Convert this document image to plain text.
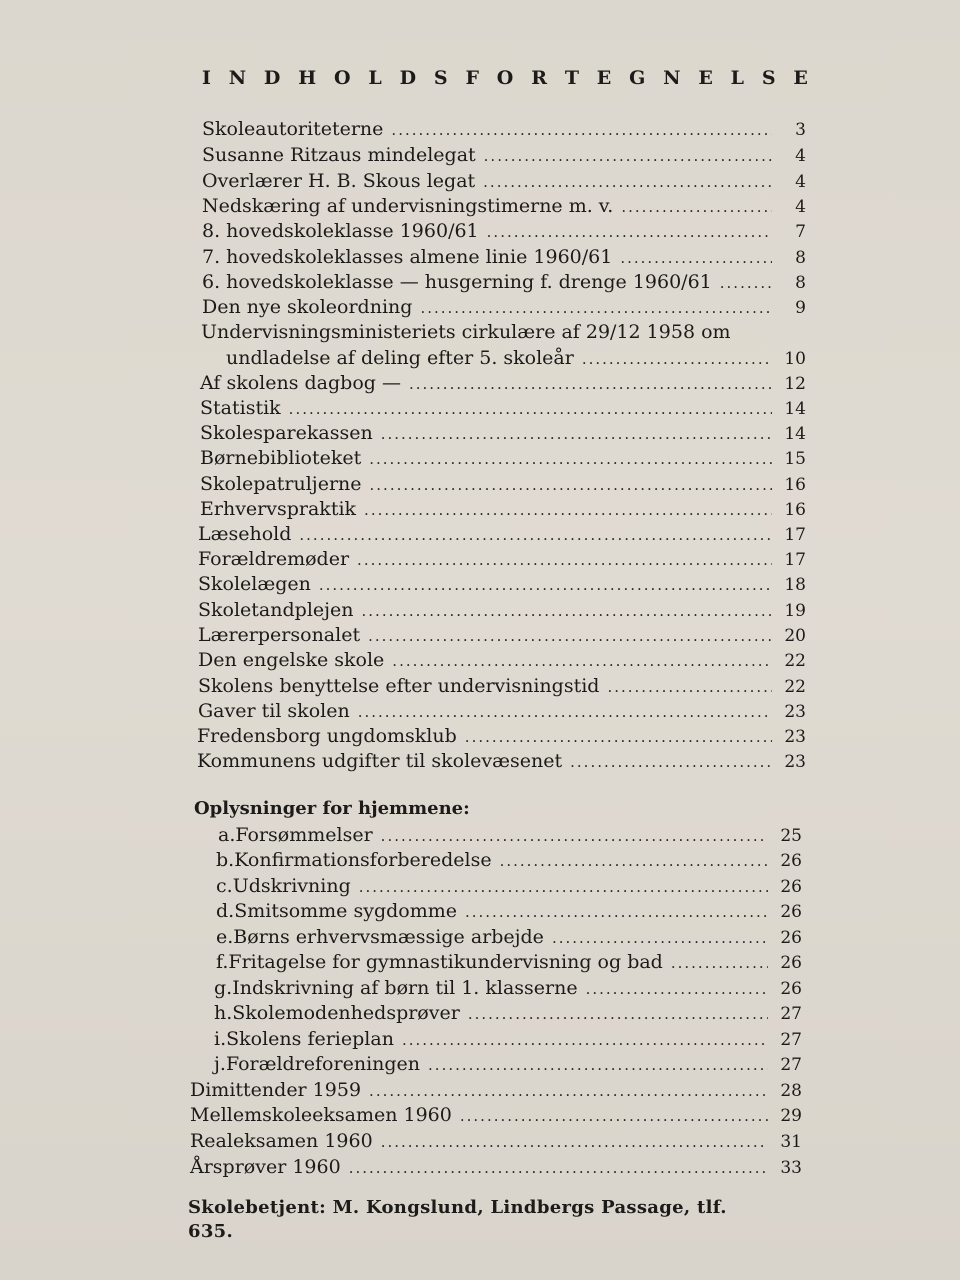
I N D H O L D S F O R T E G N E L S E
Skoleautoriteterne .....	3
Susanne Ritzaus mindelegat .....	4
Overlærer H. B. Skous legat .....	4
Nedskæring af undervisningstimerne m. v. .....	4
8. hovedskoleklasse 1960/61 .....	7
7. hovedskoleklasses almene linie 1960/61 .....	8
6. hovedskoleklasse — husgerning f. drenge 1960/61 .....	8
Den nye skoleordning .....	9
Undervisningsministeriets cirkulære af 29/12 1958 om
undladelse af deling efter 5. skoleår .....	10
Af skolens dagbog — .....	12
Statistik .....	14
Skolesparekassen .....	14
Børnebiblioteket .....	15
Skolepatruljerne .....	16
Erhvervspraktik .....	16
Læsehold .....	17
Forældremøder .....	17
Skolelægen .....	18
Skoletandplejen .....	19
Lærerpersonalet .....	20
Den engelske skole .....	22
Skolens benyttelse efter undervisningstid .....	22
Gaver til skolen .....	23
Fredensborg ungdomsklub .....	23
Kommunens udgifter til skolevæsenet .....	23
Oplysninger for hjemmene:
a. Forsømmelser .....	25
b. Konfirmationsforberedelse .....	26
c. Udskrivning .....	26
d. Smitsomme sygdomme .....	26
e. Børns erhvervsmæssige arbejde .....	26
f. Fritagelse for gymnastikundervisning og bad .....	26
g. Indskrivning af børn til 1. klasserne .....	26
h. Skolemodenhedsprøver .....	27
i. Skolens ferieplan .....	27
j. Forældreforeningen .....	27
Dimittender 1959 .....	28
Mellemskoleeksamen 1960 .....	29
Realeksamen 1960 .....	31
Årsprøver 1960 .....	33

Skolebetjent: M. Kongslund, Lindbergs Passage, tlf. 635.
